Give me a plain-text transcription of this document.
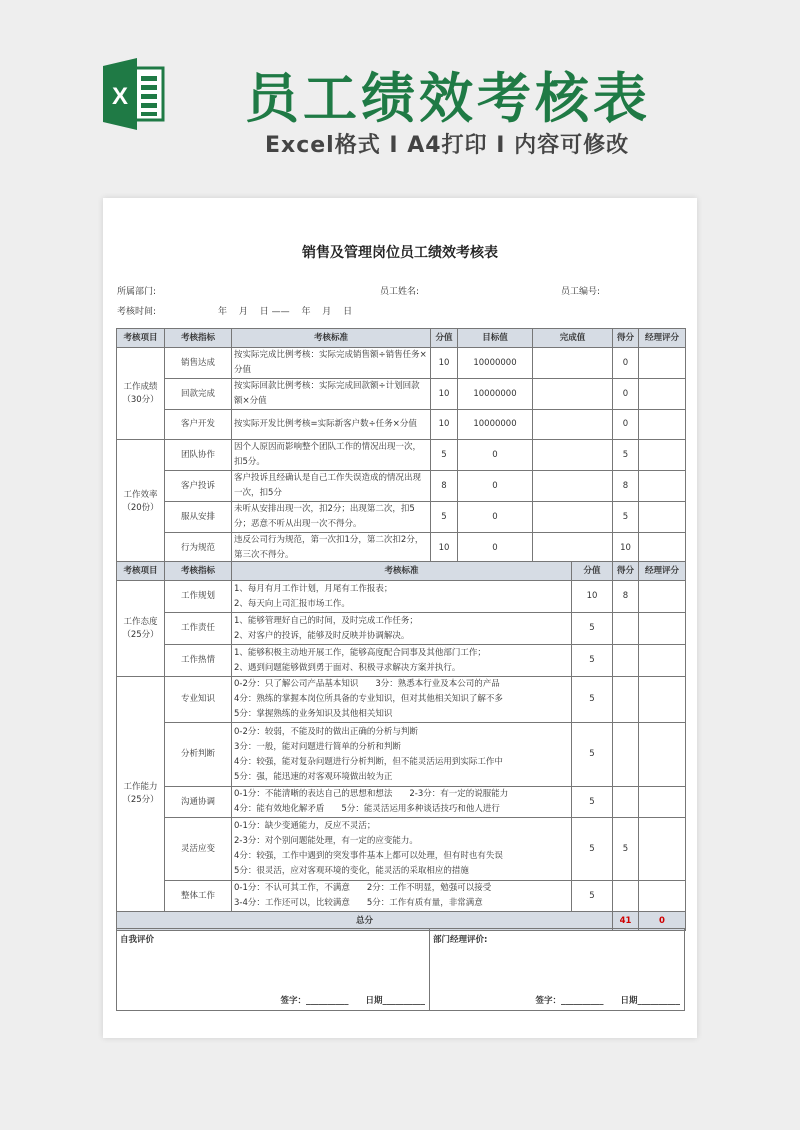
X 员工绩效考核表
Excel格式 I A4打印 I 内容可修改
销售及管理岗位员工绩效考核表
所属部门:	员工姓名:	员工编号:
考核时间:	年　 月　 日 ——　 年　 月　 日
考核项目	考核指标	考核标准	分值	目标值	完成值	得分	经理评分
工作成绩
（30分）	销售达成	按实际完成比例考核：实际完成销售额÷销售任务×分值	10	10000000		0	
	回款完成	按实际回款比例考核：实际完成回款额÷计划回款额×分值	10	10000000		0	
	客户开发	按实际开发比例考核=实际新客户数÷任务×分值	10	10000000		0	
工作效率
（20份）	团队协作	因个人原因而影响整个团队工作的情况出现一次，扣5分。	5	0		5	
	客户投诉	客户投诉且经确认是自己工作失误造成的情况出现一次，扣5分	8	0		8	
	服从安排	未听从安排出现一次，扣2分；出现第二次，扣5分；恶意不听从出现一次不得分。	5	0		5	
	行为规范	违反公司行为规范，第一次扣1分，第二次扣2分，第三次不得分。	10	0		10	
考核项目	考核指标	考核标准	分值	得分	经理评分
工作态度
（25分）	工作规划	1、每月有月工作计划，月尾有工作报表；
2、每天向上司汇报市场工作。	10	8	
	工作责任	1、能够管理好自己的时间，及时完成工作任务；
2、对客户的投诉，能够及时反映并协调解决。	5		
	工作热情	1、能够积极主动地开展工作，能够高度配合同事及其他部门工作；
2、遇到问题能够做到勇于面对、积极寻求解决方案并执行。	5		
工作能力
（25分）	专业知识	0-2分：只了解公司产品基本知识　　3分：熟悉本行业及本公司的产品
4分：熟练的掌握本岗位所具备的专业知识，但对其他相关知识了解不多
5分：掌握熟练的业务知识及其他相关知识	5		
	分析判断	0-2分：较弱，不能及时的做出正确的分析与判断
3分：一般，能对问题进行简单的分析和判断
4分：较强，能对复杂问题进行分析判断，但不能灵活运用到实际工作中
5分：强，能迅速的对客观环境做出较为正	5		
	沟通协调	0-1分：不能清晰的表达自己的思想和想法　　2-3分：有一定的说服能力
4分：能有效地化解矛盾　　5分：能灵活运用多种谈话技巧和他人进行	5		
	灵活应变	0-1分：缺少变通能力，反应不灵活；
2-3分：对个别问题能处理，有一定的应变能力。
4分：较强，工作中遇到的突发事件基本上都可以处理，但有时也有失误
5分：很灵活，应对客观环境的变化，能灵活的采取相应的措施	5	5	
	整体工作	0-1分：不认可其工作，不满意　　2分：工作不明显，勉强可以接受
3-4分：工作还可以，比较满意　　5分：工作有质有量，非常满意	5		
总分				41	0
自我评价
签字：__________　　日期__________
部门经理评价:
签字：__________　　日期__________
